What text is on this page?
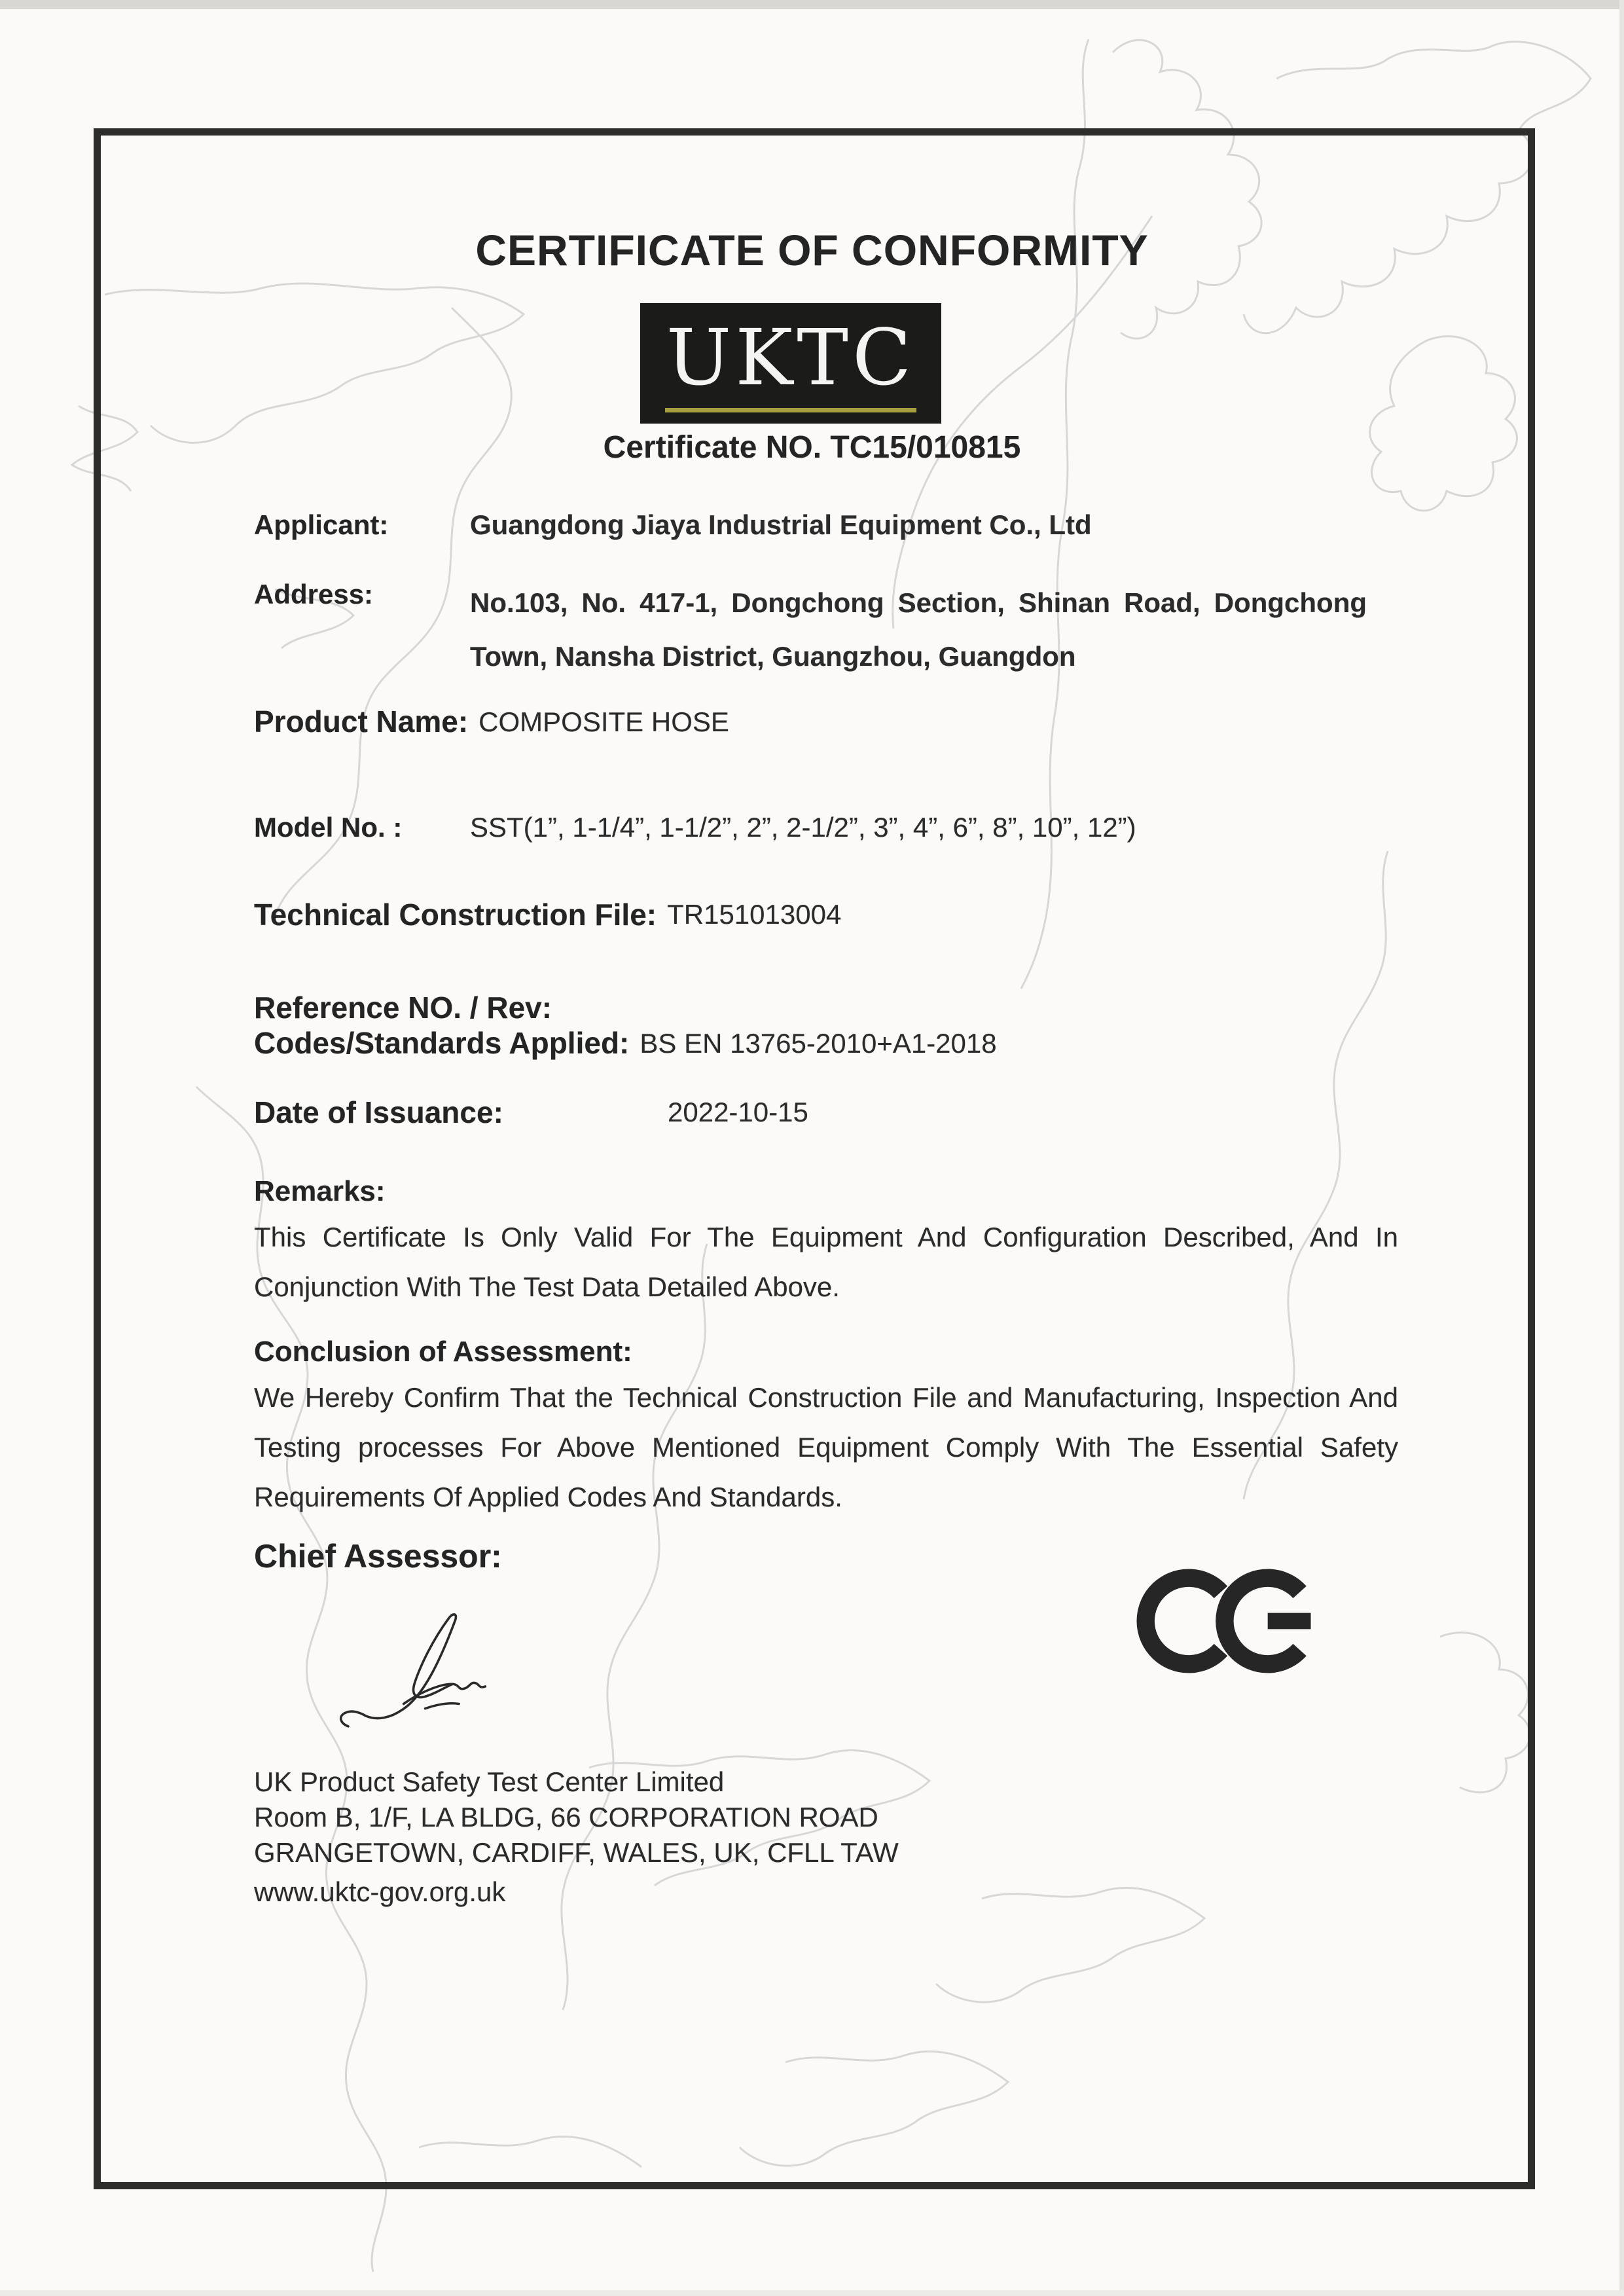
CERTIFICATE OF CONFORMITY
UKTC
Certificate NO. TC15/010815
Applicant:	Guangdong Jiaya Industrial Equipment Co., Ltd
Address:	No.103, No. 417-1, Dongchong Section, Shinan Road, Dongchong Town, Nansha District, Guangzhou, Guangdon
Product Name: COMPOSITE HOSE
Model No. :	SST(1”, 1-1/4”, 1-1/2”, 2”, 2-1/2”, 3”, 4”, 6”, 8”, 10”, 12”)
Technical Construction File: TR151013004
Reference NO. / Rev:
Codes/Standards Applied: BS EN 13765-2010+A1-2018
Date of Issuance:	2022-10-15
Remarks:
This Certificate Is Only Valid For The Equipment And Configuration Described, And In Conjunction With The Test Data Detailed Above.
Conclusion of Assessment:
We Hereby Confirm That the Technical Construction File and Manufacturing, Inspection And Testing processes For Above Mentioned Equipment Comply With The Essential Safety Requirements Of Applied Codes And Standards.
Chief Assessor:
UK Product Safety Test Center Limited
Room B, 1/F, LA BLDG, 66 CORPORATION ROAD
GRANGETOWN, CARDIFF, WALES, UK, CFLL TAW
www.uktc-gov.org.uk
